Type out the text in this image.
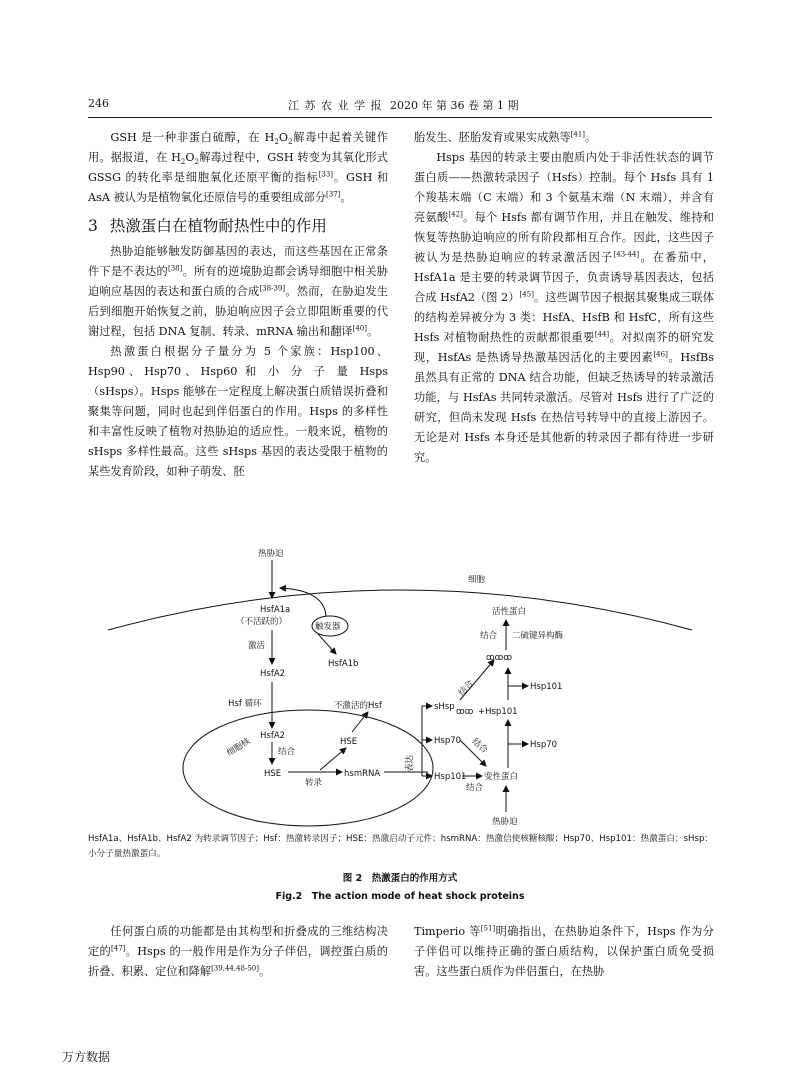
246	江 苏 农 业 学 报 2020 年 第 36 卷 第 1 期

GSH 是一种非蛋白硫醇，在 $H_2O_2$解毒中起着关键作用。据报道，在 $H_2O_2$解毒过程中，GSH 转变为其氧化形式 GSSG 的转化率是细胞氧化还原平衡的指标[33]。GSH 和 AsA 被认为是植物氧化还原信号的重要组成部分[37]。

3 热激蛋白在植物耐热性中的作用

热胁迫能够触发防御基因的表达，而这些基因在正常条件下是不表达的[38]。所有的逆境胁迫都会诱导细胞中相关胁迫响应基因的表达和蛋白质的合成[38-39]。然而，在胁迫发生后到细胞开始恢复之前，胁迫响应因子会立即阻断重要的代谢过程，包括 DNA 复制、转录、mRNA 输出和翻译[40]。

热激蛋白根据分子量分为 5 个家族：Hsp100、Hsp90、Hsp70、Hsp60 和 小 分 子 量 Hsps（sHsps）。Hsps 能够在一定程度上解决蛋白质错误折叠和聚集等问题，同时也起到伴侣蛋白的作用。Hsps 的多样性和丰富性反映了植物对热胁迫的适应性。一般来说，植物的 sHsps 多样性最高。这些 sHsps 基因的表达受限于植物的某些发育阶段，如种子萌发、胚

胎发生、胚胎发育或果实成熟等[41]。

Hsps 基因的转录主要由胞质内处于非活性状态的调节蛋白质——热激转录因子（Hsfs）控制。每个 Hsfs 具有 1 个羧基末端（C 末端）和 3 个氨基末端（N 末端），并含有亮氨酸[42]。每个 Hsfs 都有调节作用，并且在触发、维持和恢复等热胁迫响应的所有阶段都相互合作。因此，这些因子被认为是热胁迫响应的转录激活因子[43-44]。在番茄中，HsfA1a 是主要的转录调节因子，负责诱导基因表达，包括合成 HsfA2（图 2）[45]。这些调节因子根据其聚集成三联体的结构差异被分为 3 类：HsfA、HsfB 和 HsfC，所有这些 Hsfs 对植物耐热性的贡献都很重要[44]。对拟南芥的研究发现，HsfAs 是热诱导热激基因活化的主要因素[46]。HsfBs 虽然具有正常的 DNA 结合功能，但缺乏热诱导的转录激活功能，与 HsfAs 共同转录激活。尽管对 Hsfs 进行了广泛的研究，但尚未发现 Hsfs 在热信号转导中的直接上游因子。无论是对 Hsfs 本身还是其他新的转录因子都有待进一步研究。

热胁迫
细胞
HsfA1a
（不活跃的）	触发器
HsfA1b
激活
HsfA2
Hsf 循环
细胞核
HsfA2
结合
HSE
转录
hsmRNA
HSE
不激活的Hsf
表达
sHsp
Hsp70
Hsp101
结合
结合
结合
变性蛋白
活性蛋白
结合 二硫键异构酶
ꝏꝏꝏ
Hsp101
ꝏꝏ +Hsp101
Hsp70
热胁迫
HsfA1a、HsfA1b、HsfA2 为转录调节因子；Hsf：热激转录因子；HSE：热激启动子元件；hsmRNA：热激信使核糖核酸；Hsp70、Hsp101：热激蛋白；sHsp：小分子量热激蛋白。
图 2　热激蛋白的作用方式
Fig.2　The action mode of heat shock proteins

任何蛋白质的功能都是由其构型和折叠成的三维结构决定的[47]。Hsps 的一般作用是作为分子伴侣，调控蛋白质的折叠、积累、定位和降解[39,44,48-50]。

Timperio 等[51]明确指出，在热胁迫条件下，Hsps 作为分子伴侣可以维持正确的蛋白质结构，以保护蛋白质免受损害。这些蛋白质作为伴侣蛋白，在热胁

万方数据
